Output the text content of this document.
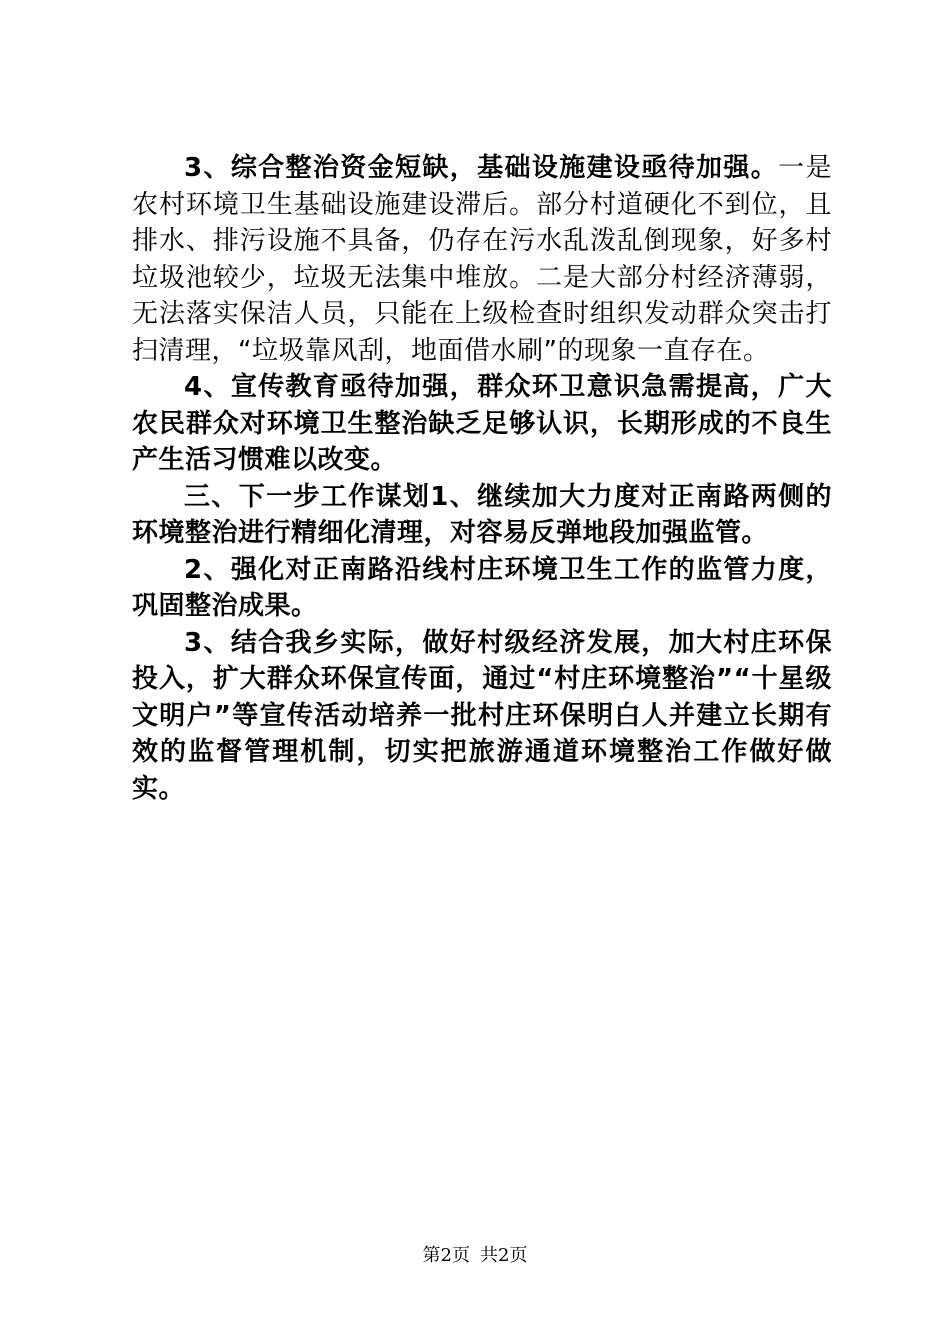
3、综合整治资金短缺，基础设施建设亟待加强。一是农村环境卫生基础设施建设滞后。部分村道硬化不到位，且排水、排污设施不具备，仍存在污水乱泼乱倒现象，好多村垃圾池较少，垃圾无法集中堆放。二是大部分村经济薄弱，无法落实保洁人员，只能在上级检查时组织发动群众突击打扫清理，“垃圾靠风刮，地面借水刷”的现象一直存在。

4、宣传教育亟待加强，群众环卫意识急需提高，广大农民群众对环境卫生整治缺乏足够认识，长期形成的不良生产生活习惯难以改变。

三、下一步工作谋划1、继续加大力度对正南路两侧的环境整治进行精细化清理，对容易反弹地段加强监管。

2、强化对正南路沿线村庄环境卫生工作的监管力度，巩固整治成果。

3、结合我乡实际，做好村级经济发展，加大村庄环保投入，扩大群众环保宣传面，通过“村庄环境整治”“十星级文明户”等宣传活动培养一批村庄环保明白人并建立长期有效的监督管理机制，切实把旅游通道环境整治工作做好做实。

第2页 共2页
